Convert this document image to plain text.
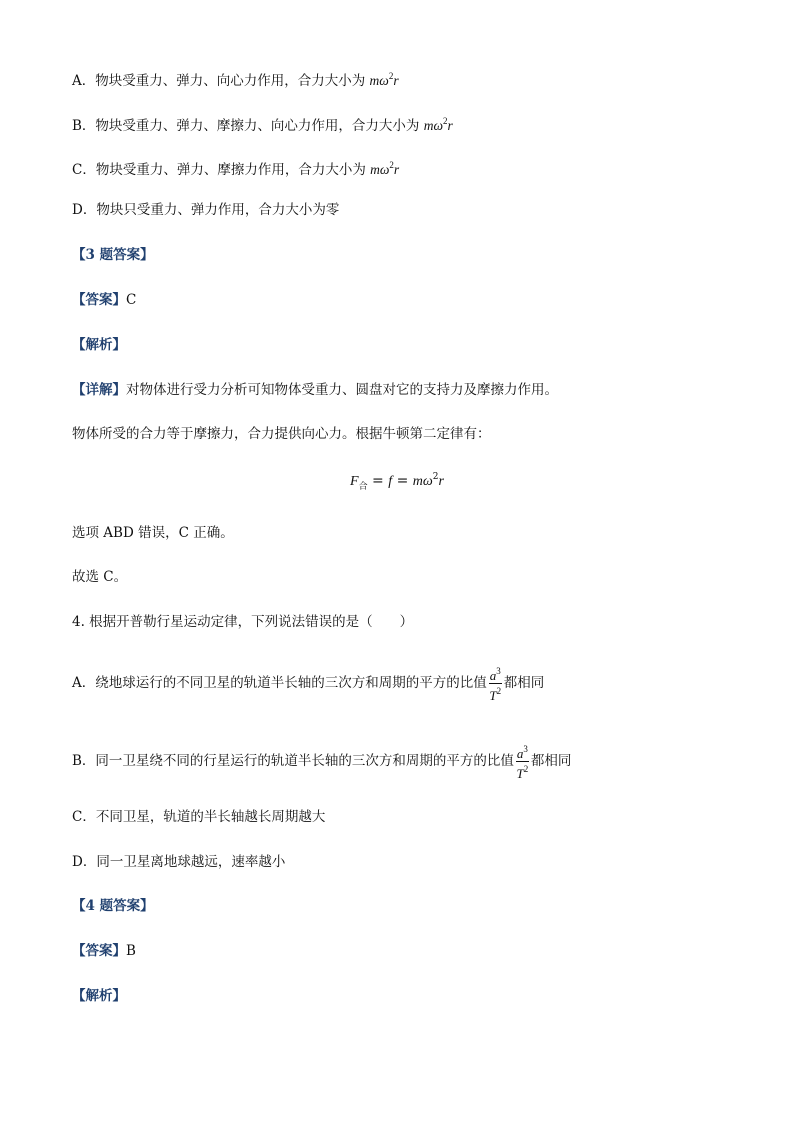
A．物块受重力、弹力、向心力作用，合力大小为 $m\omega^2r$
B．物块受重力、弹力、摩擦力、向心力作用，合力大小为 $m\omega^2r$
C．物块受重力、弹力、摩擦力作用，合力大小为 $m\omega^2r$
D．物块只受重力、弹力作用，合力大小为零
【3 题答案】
【答案】C
【解析】
【详解】对物体进行受力分析可知物体受重力、圆盘对它的支持力及摩擦力作用。
物体所受的合力等于摩擦力，合力提供向心力。根据牛顿第二定律有：
$F_合 = f = m\omega^2r$
选项 ABD 错误，C 正确。
故选 C。
4. 根据开普勒行星运动定律，下列说法错误的是（　　）
A．绕地球运行的不同卫星的轨道半长轴的三次方和周期的平方的比值 $\frac{a^3}{T^2}$ 都相同
B．同一卫星绕不同的行星运行的轨道半长轴的三次方和周期的平方的比值 $\frac{a^3}{T^2}$ 都相同
C．不同卫星，轨道的半长轴越长周期越大
D．同一卫星离地球越远，速率越小
【4 题答案】
【答案】B
【解析】
